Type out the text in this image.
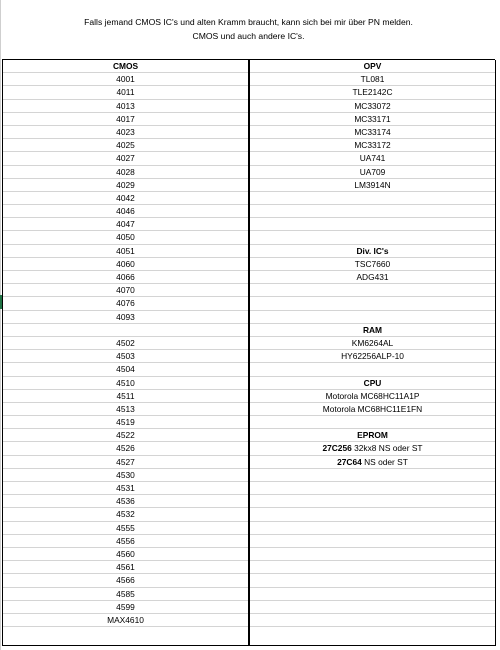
Falls jemand CMOS IC's und alten Kramm braucht, kann sich bei mir über PN melden.
CMOS und auch andere IC's.
CMOS
4001
4011
4013
4017
4023
4025
4027
4028
4029
4042
4046
4047
4050
4051
4060
4066
4070
4076
4093
4502
4503
4504
4510
4511
4513
4519
4522
4526
4527
4530
4531
4536
4532
4555
4556
4560
4561
4566
4585
4599
MAX4610
OPV
TL081
TLE2142C
MC33072
MC33171
MC33174
MC33172
UA741
UA709
LM3914N
Div. IC's
TSC7660
ADG431
RAM
KM6264AL
HY62256ALP-10
CPU
Motorola MC68HC11A1P
Motorola MC68HC11E1FN
EPROM
27C256 32kx8 NS oder ST
27C64 NS oder ST
